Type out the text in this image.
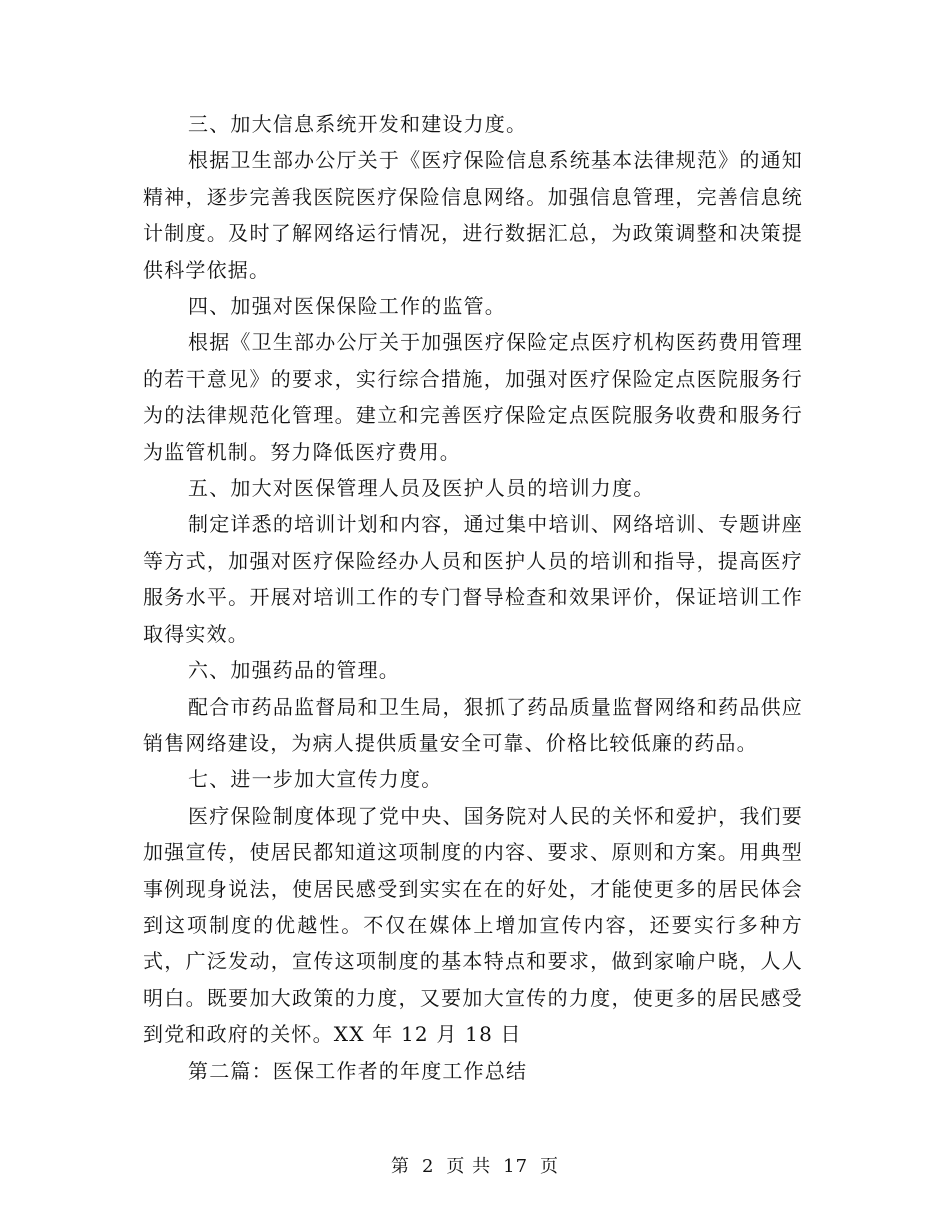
三、加大信息系统开发和建设力度。

根据卫生部办公厅关于《医疗保险信息系统基本法律规范》的通知精神，逐步完善我医院医疗保险信息网络。加强信息管理，完善信息统计制度。及时了解网络运行情况，进行数据汇总，为政策调整和决策提供科学依据。

四、加强对医保保险工作的监管。

根据《卫生部办公厅关于加强医疗保险定点医疗机构医药费用管理的若干意见》的要求，实行综合措施，加强对医疗保险定点医院服务行为的法律规范化管理。建立和完善医疗保险定点医院服务收费和服务行为监管机制。努力降低医疗费用。

五、加大对医保管理人员及医护人员的培训力度。

制定详悉的培训计划和内容，通过集中培训、网络培训、专题讲座等方式，加强对医疗保险经办人员和医护人员的培训和指导，提高医疗服务水平。开展对培训工作的专门督导检查和效果评价，保证培训工作取得实效。

六、加强药品的管理。

配合市药品监督局和卫生局，狠抓了药品质量监督网络和药品供应销售网络建设，为病人提供质量安全可靠、价格比较低廉的药品。

七、进一步加大宣传力度。

医疗保险制度体现了党中央、国务院对人民的关怀和爱护，我们要加强宣传，使居民都知道这项制度的内容、要求、原则和方案。用典型事例现身说法，使居民感受到实实在在的好处，才能使更多的居民体会到这项制度的优越性。不仅在媒体上增加宣传内容，还要实行多种方式，广泛发动，宣传这项制度的基本特点和要求，做到家喻户晓，人人明白。既要加大政策的力度，又要加大宣传的力度，使更多的居民感受到党和政府的关怀。XX 年 12 月 18 日

第二篇：医保工作者的年度工作总结

第 2 页 共 17 页
